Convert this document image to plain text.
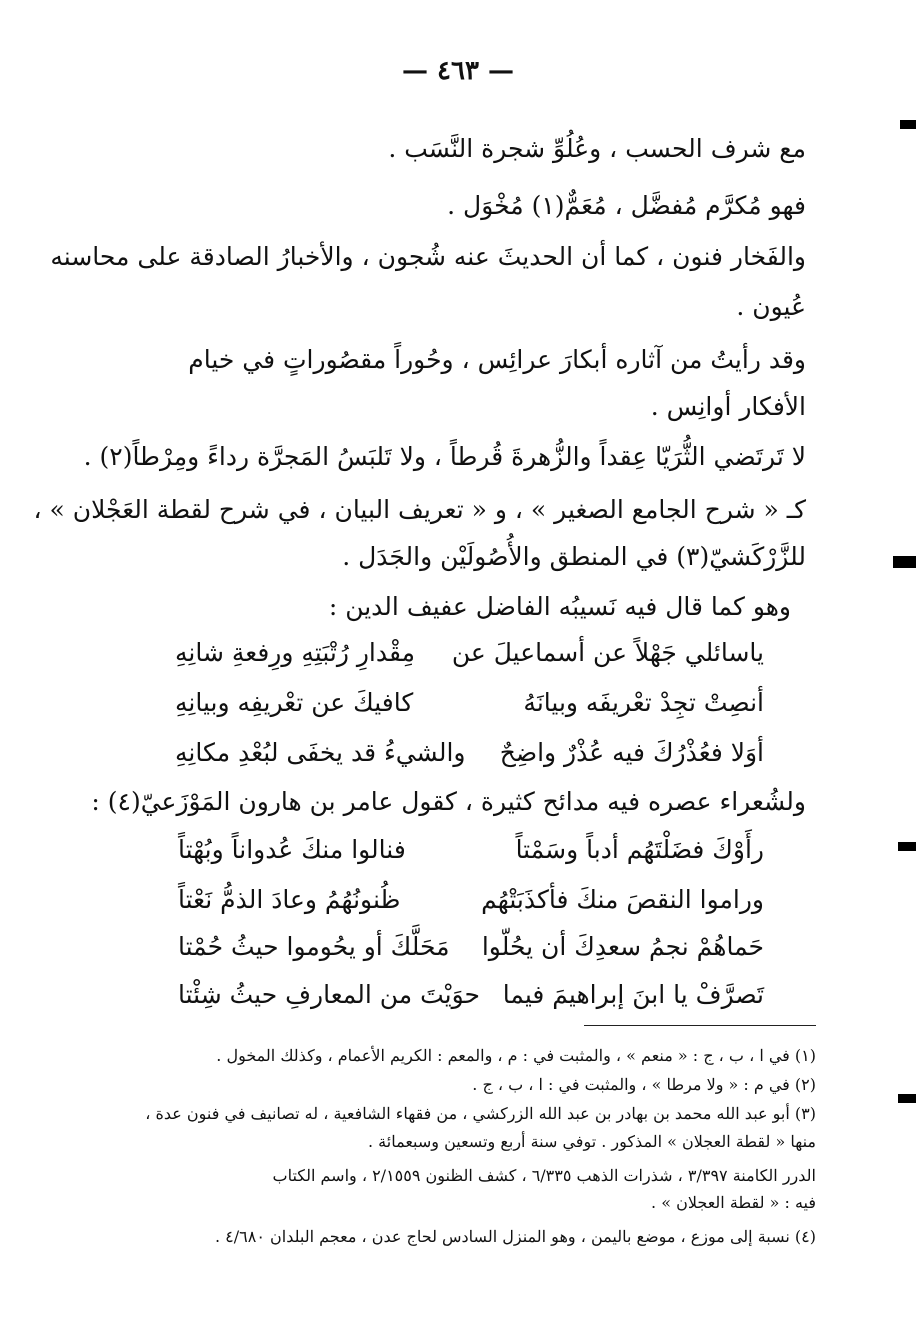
— ٤٦٣ —
مع شرف الحسب ، وعُلُوِّ شجرة النَّسَب .
فهو مُكرَّم مُفضَّل ، مُعَمٌّ(١) مُخْوَل .
والفَخار فنون ، كما أن الحديثَ عنه شُجون ، والأخبارُ الصادقة على محاسنه
عُيون .
وقد رأيتُ من آثاره أبكارَ عرائِس ، وحُوراً مقصُوراتٍ في خيام
الأفكار أوانِس .
لا تَرتَضي الثُّرَيّا عِقداً والزُّهرةَ قُرطاً ، ولا تَلبَسُ المَجرَّة رداءً ومِرْطاً(٢) .
كـ « شرح الجامع الصغير » ، و « تعريف البيان ، في شرح لقطة العَجْلان » ،
للزَّرْكَشيّ(٣) في المنطق والأُصُولَيْن والجَدَل .
وهو كما قال فيه نَسيبُه الفاضل عفيف الدين :
ياسائلي جَهْلاً عن أسماعيلَ عن
مِقْدارِ رُتْبَتِهِ ورِفعةِ شانِهِ
أنصِتْ تجِدْ تعْريفَه وبيانَهُ
كافيكَ عن تعْريفِه وبيانِهِ
أوَلا فعُذْرُكَ فيه عُذْرٌ واضِحٌ
والشيءُ قد يخفَى لبُعْدِ مكانِهِ
ولشُعراء عصره فيه مدائح كثيرة ، كقول عامر بن هارون المَوْزَعيّ(٤) :
رأَوْكَ فضَلْتَهُم أدباً وسَمْتاً
فنالوا منكَ عُدواناً وبُهْتاً
وراموا النقصَ منكَ فأكذَبَتْهُم
ظُنونُهُمُ وعادَ الذمُّ نَعْتاً
حَماهُمْ نجمُ سعدِكَ أن يحُلّوا
مَحَلَّكَ أو يحُوموا حيثُ حُمْتا
تَصرَّفْ يا ابنَ إبراهيمَ فيما
حوَيْتَ من المعارفِ حيثُ شِئْتا
(١) في ا ، ب ، ج : « منعم » ، والمثبت في : م ، والمعم : الكريم الأعمام ، وكذلك المخول .
(٢) في م : « ولا مرطا » ، والمثبت في : ا ، ب ، ج .
(٣) أبو عبد الله محمد بن بهادر بن عبد الله الزركشي ، من فقهاء الشافعية ، له تصانيف في فنون عدة ،
منها « لقطة العجلان » المذكور . توفي سنة أربع وتسعين وسبعمائة .
الدرر الكامنة ٣/٣٩٧ ، شذرات الذهب ٦/٣٣٥ ، كشف الظنون ٢/١٥٥٩ ، واسم الكتاب
فيه : « لقطة العجلان » .
(٤) نسبة إلى موزع ، موضع باليمن ، وهو المنزل السادس لحاج عدن ، معجم البلدان ٤/٦٨٠ .
